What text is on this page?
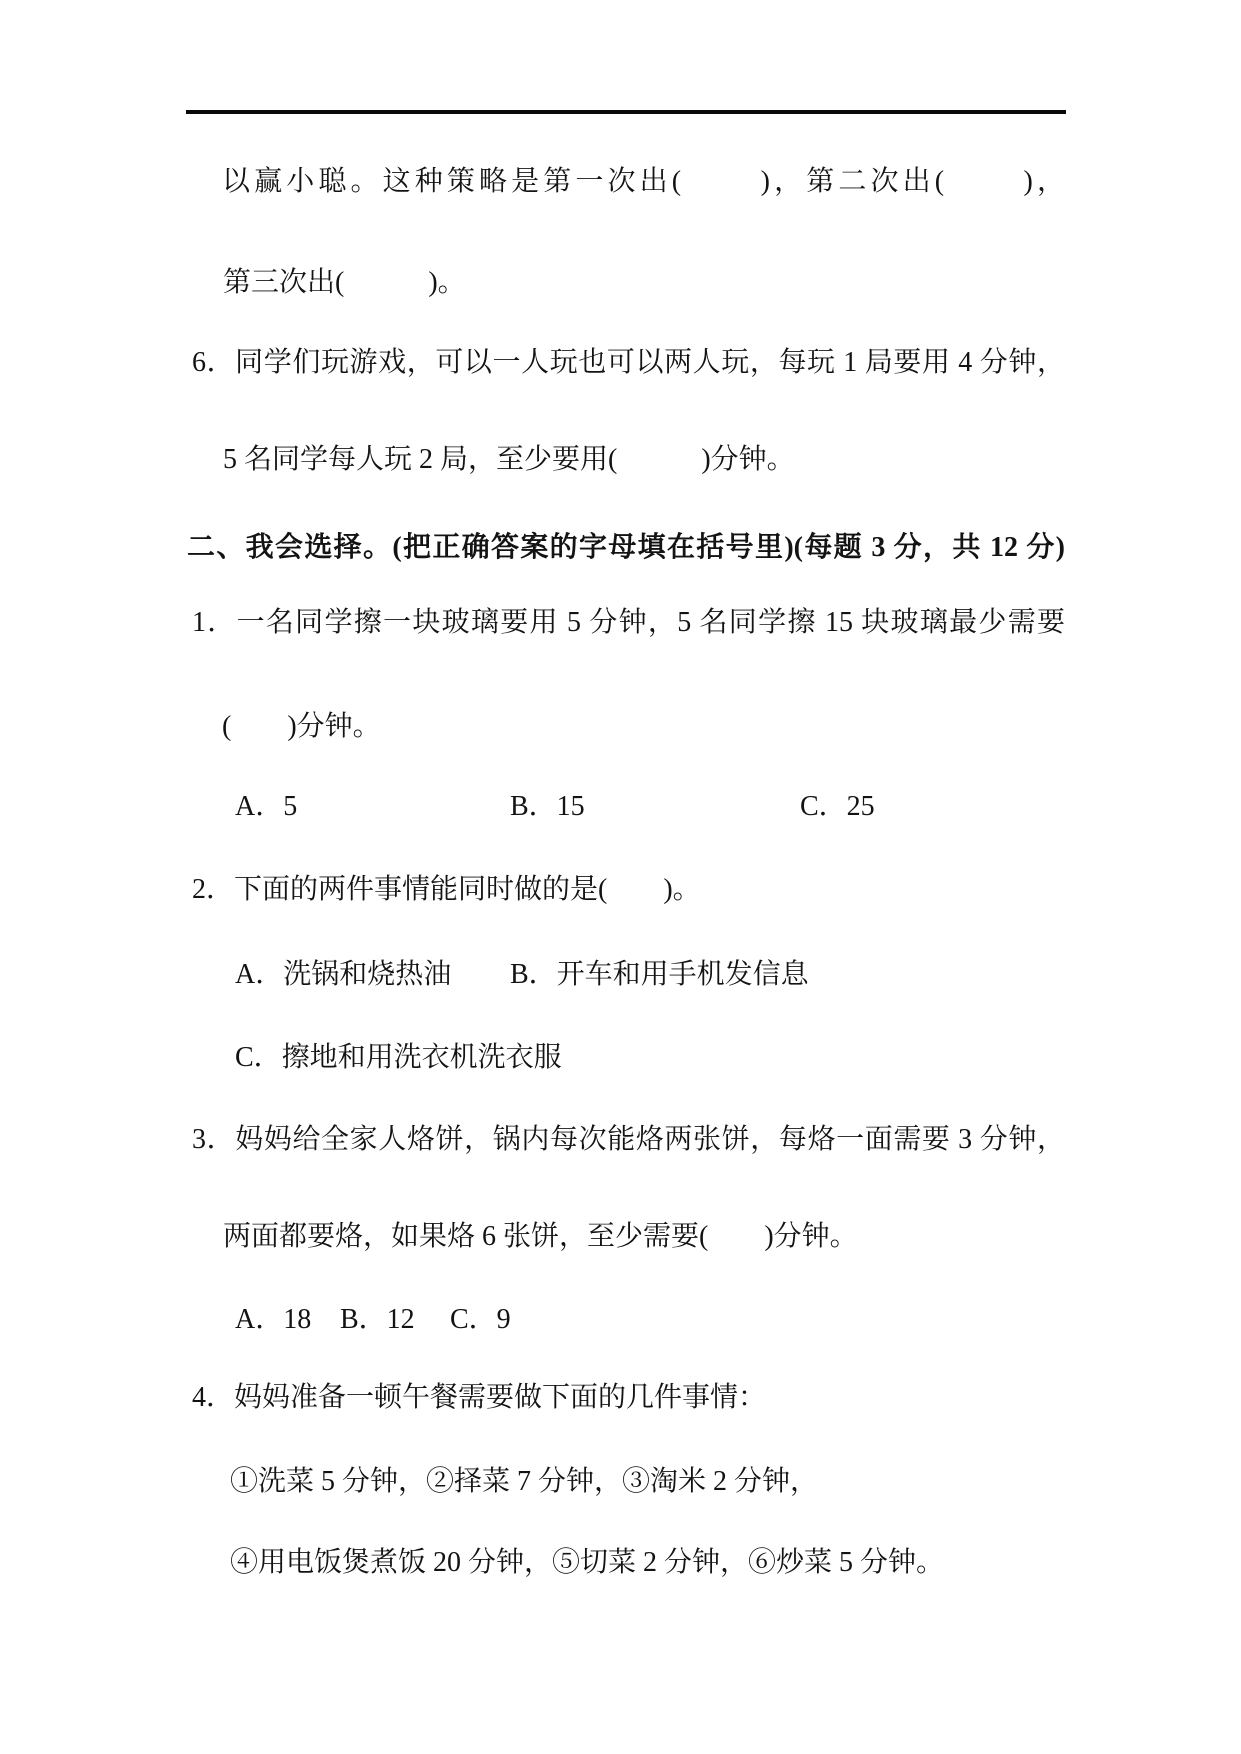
以赢小聪。这种策略是第一次出(　　 )，第二次出(　　 )，
第三次出(　　　)。
6．同学们玩游戏，可以一人玩也可以两人玩，每玩 1 局要用 4 分钟，
5 名同学每人玩 2 局，至少要用(　　　)分钟。
二、我会选择。(把正确答案的字母填在括号里)(每题 3 分，共 12 分)
1．一名同学擦一块玻璃要用 5 分钟，5 名同学擦 15 块玻璃最少需要
(　　)分钟。
A．5	B．15	C．25
2．下面的两件事情能同时做的是(　　)。
A．洗锅和烧热油 B．开车和用手机发信息
C．擦地和用洗衣机洗衣服
3．妈妈给全家人烙饼，锅内每次能烙两张饼，每烙一面需要 3 分钟，
两面都要烙，如果烙 6 张饼，至少需要(　　)分钟。
A．18 B．12 C．9
4．妈妈准备一顿午餐需要做下面的几件事情：
①洗菜 5 分钟，②择菜 7 分钟，③淘米 2 分钟，
④用电饭煲煮饭 20 分钟，⑤切菜 2 分钟，⑥炒菜 5 分钟。
